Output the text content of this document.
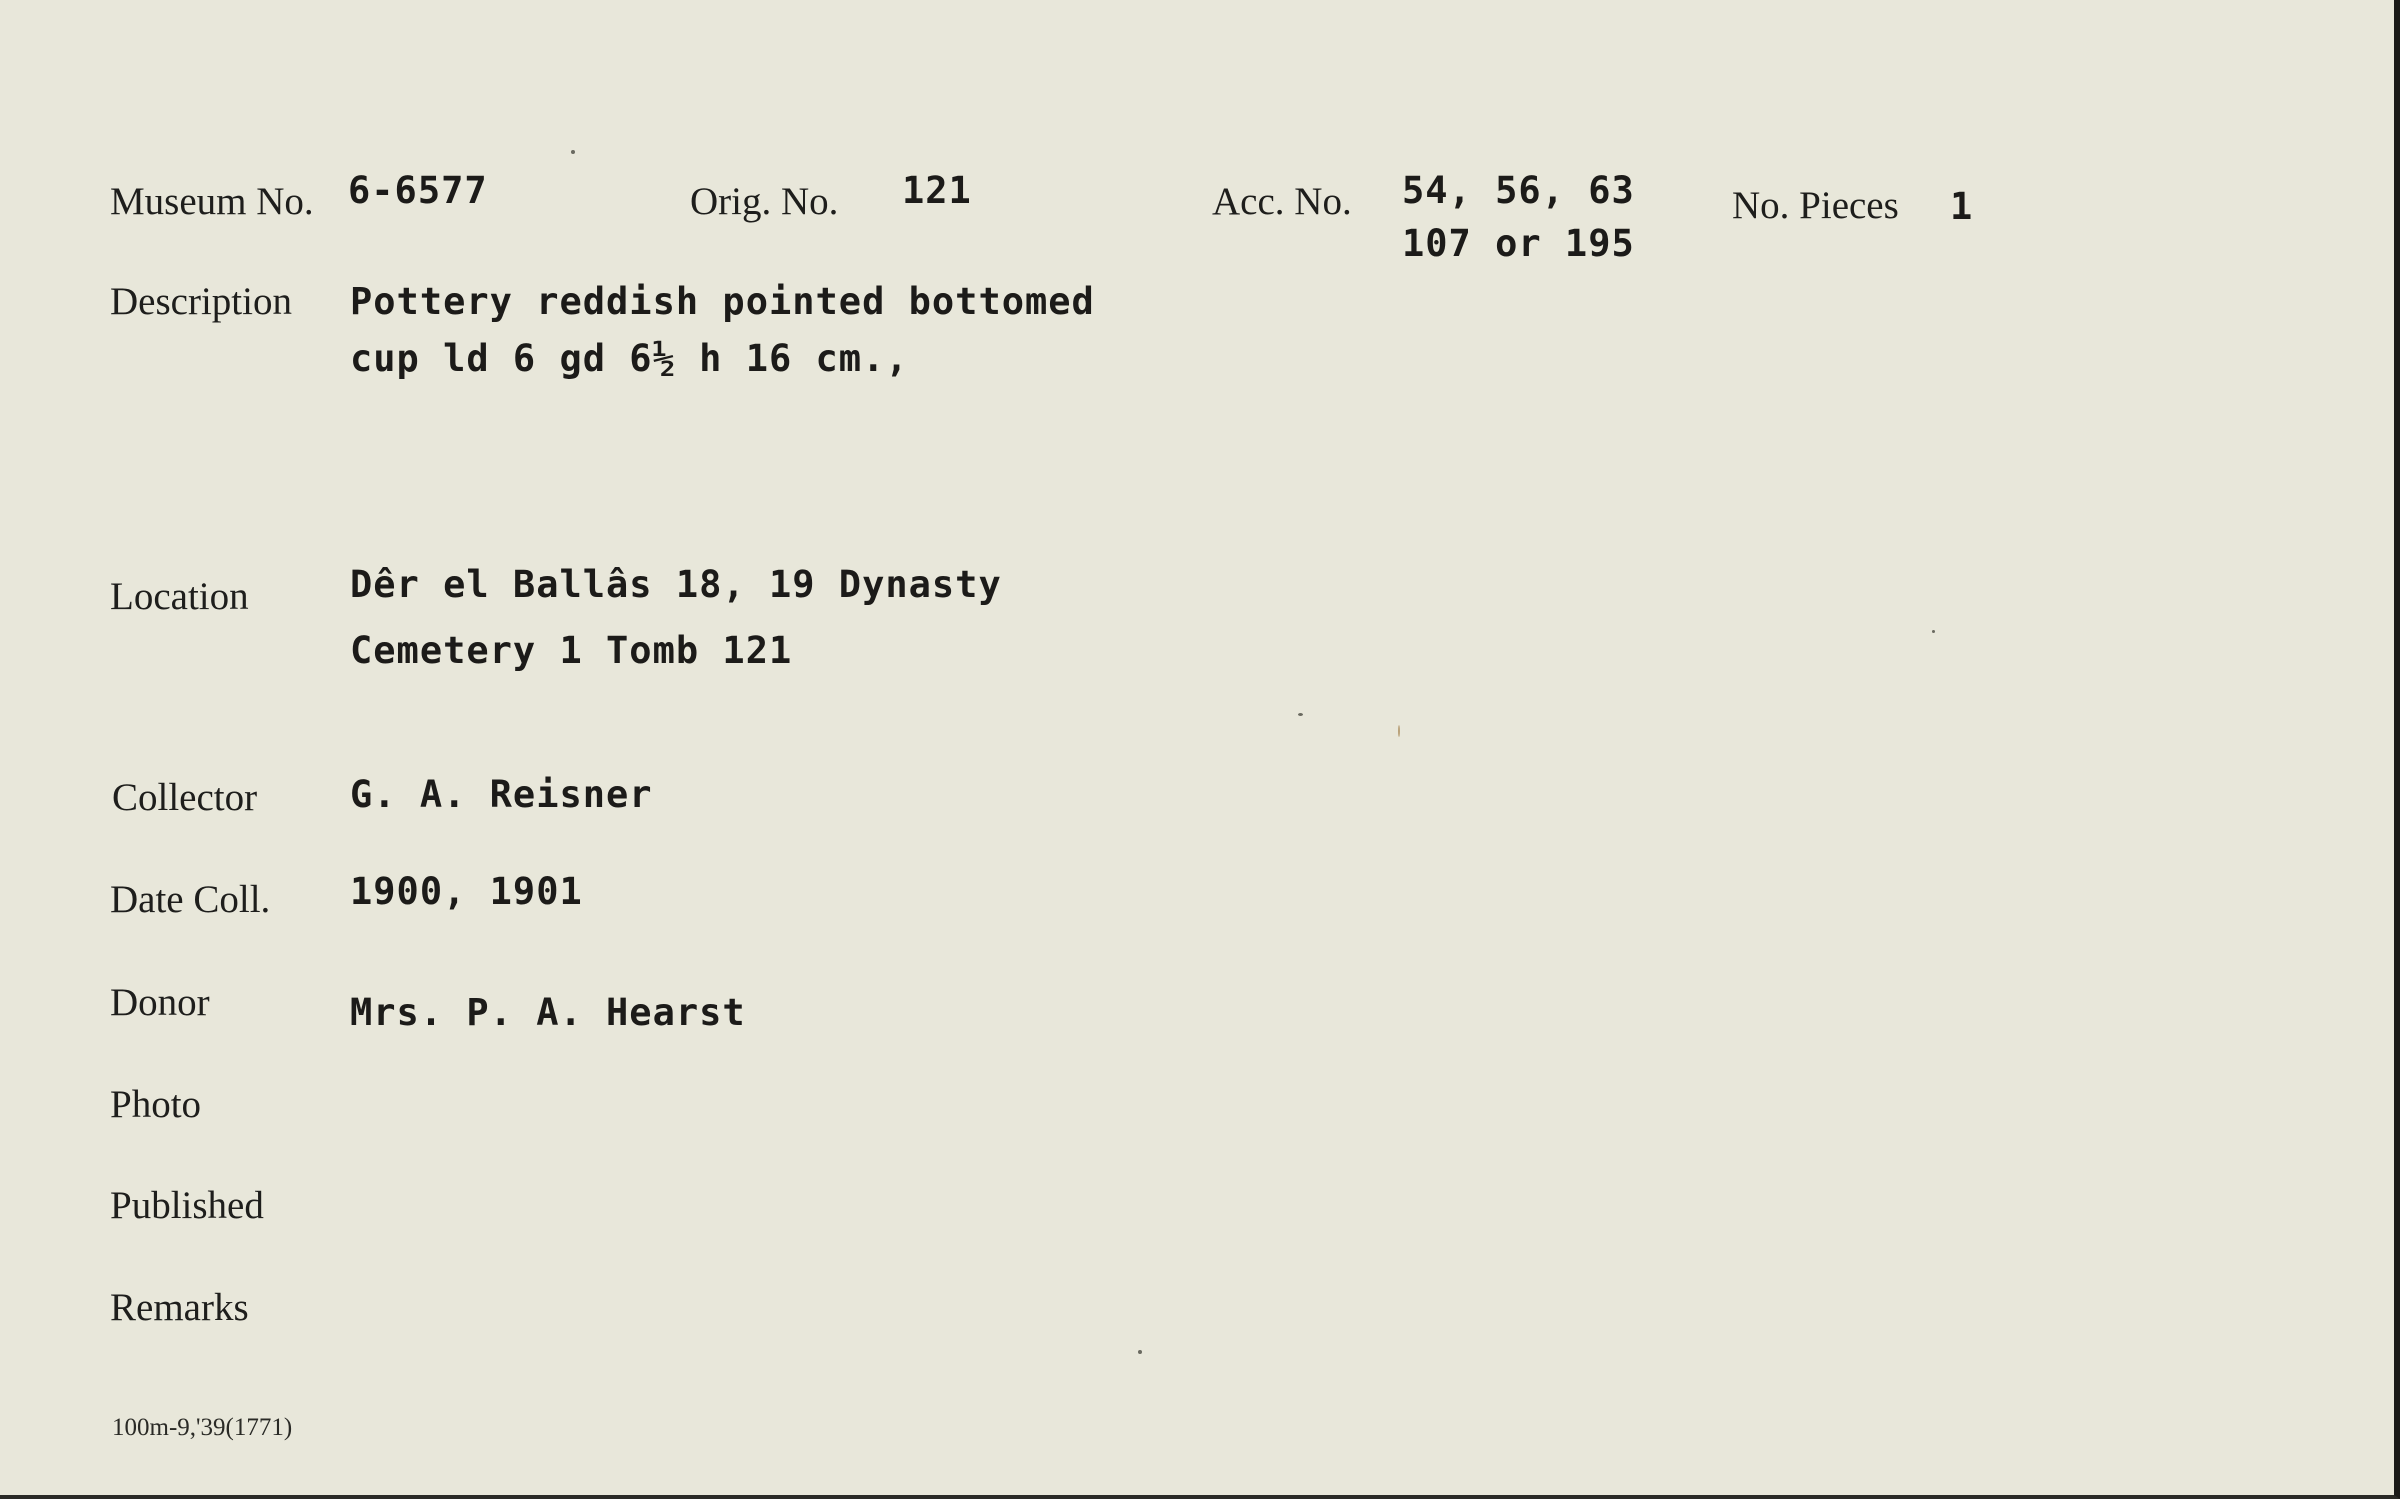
Museum No. 6-6577	Orig. No. 121	Acc. No. 54, 56, 63
107 or 195
No. Pieces 1
Description Pottery reddish pointed bottomed
cup ld 6 gd 6½ h 16 cm.,
Location	Dêr el Ballâs 18, 19 Dynasty
Cemetery 1 Tomb 121
Collector	G. A. Reisner
Date Coll. 1900, 1901
Donor	Mrs. P. A. Hearst
Photo
Published
Remarks
100m-9,'39(1771)
